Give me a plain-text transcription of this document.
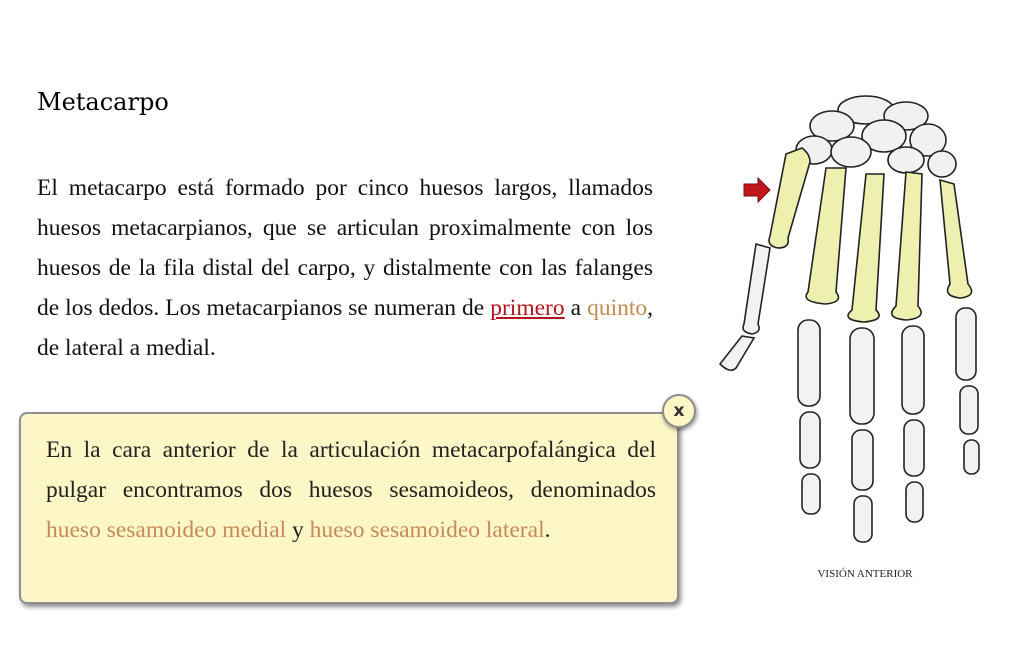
Metacarpo

El metacarpo está formado por cinco huesos largos, llamados huesos metacarpianos, que se articulan proximalmente con los huesos de la fila distal del carpo, y distalmente con las falanges de los dedos. Los metacarpianos se numeran de primero a quinto, de lateral a medial.

En la cara anterior de la articulación metacarpofalángica del pulgar encontramos dos huesos sesamoideos, denominados hueso sesamoideo medial y hueso sesamoideo lateral.

x
VISIÓN ANTERIOR
